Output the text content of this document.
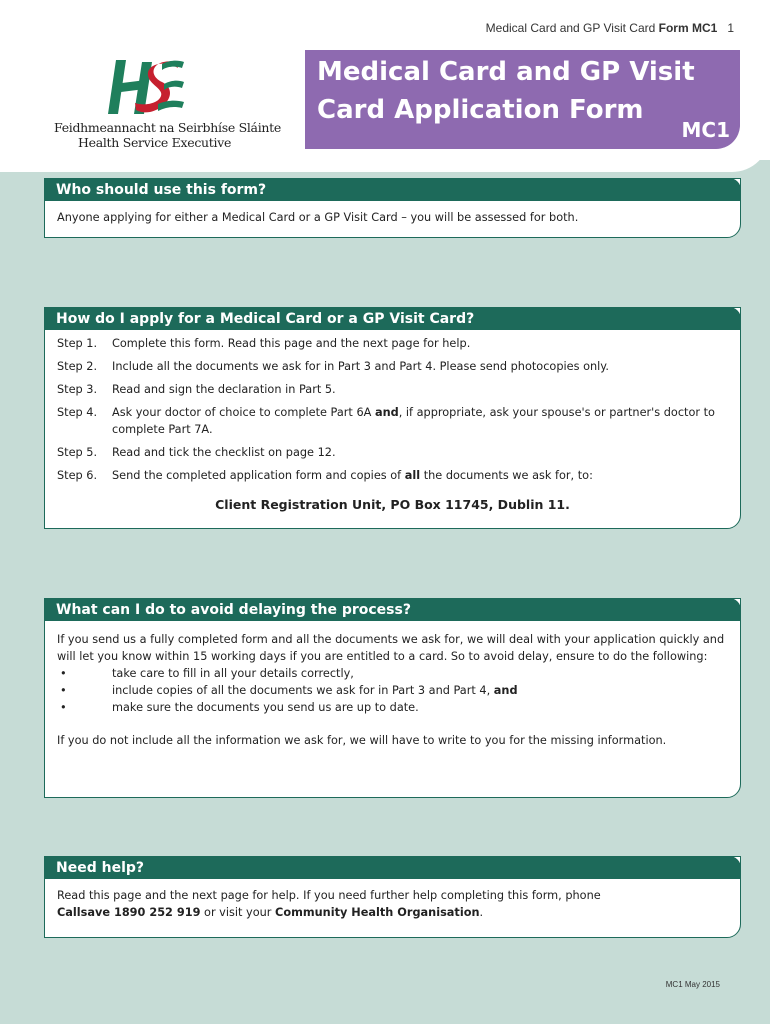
Medical Card and GP Visit Card Form MC1 1
Feidhmeannacht na Seirbhíse Sláinte
Health Service Executive
Medical Card and GP Visit Card Application Form
MC1
Who should use this form?
Anyone applying for either a Medical Card or a GP Visit Card – you will be assessed for both.
How do I apply for a Medical Card or a GP Visit Card?
Step 1.	Complete this form. Read this page and the next page for help.
Step 2.	Include all the documents we ask for in Part 3 and Part 4. Please send photocopies only.
Step 3.	Read and sign the declaration in Part 5.
Step 4.	Ask your doctor of choice to complete Part 6A and, if appropriate, ask your spouse's or partner's doctor to complete Part 7A.
Step 5.	Read and tick the checklist on page 12.
Step 6.	Send the completed application form and copies of all the documents we ask for, to:
Client Registration Unit, PO Box 11745, Dublin 11.
What can I do to avoid delaying the process?
If you send us a fully completed form and all the documents we ask for, we will deal with your application quickly and will let you know within 15 working days if you are entitled to a card. So to avoid delay, ensure to do the following:
•	take care to fill in all your details correctly,
•	include copies of all the documents we ask for in Part 3 and Part 4, and
•	make sure the documents you send us are up to date.
If you do not include all the information we ask for, we will have to write to you for the missing information.
Need help?
Read this page and the next page for help. If you need further help completing this form, phone
Callsave 1890 252 919 or visit your Community Health Organisation.
MC1 May 2015
